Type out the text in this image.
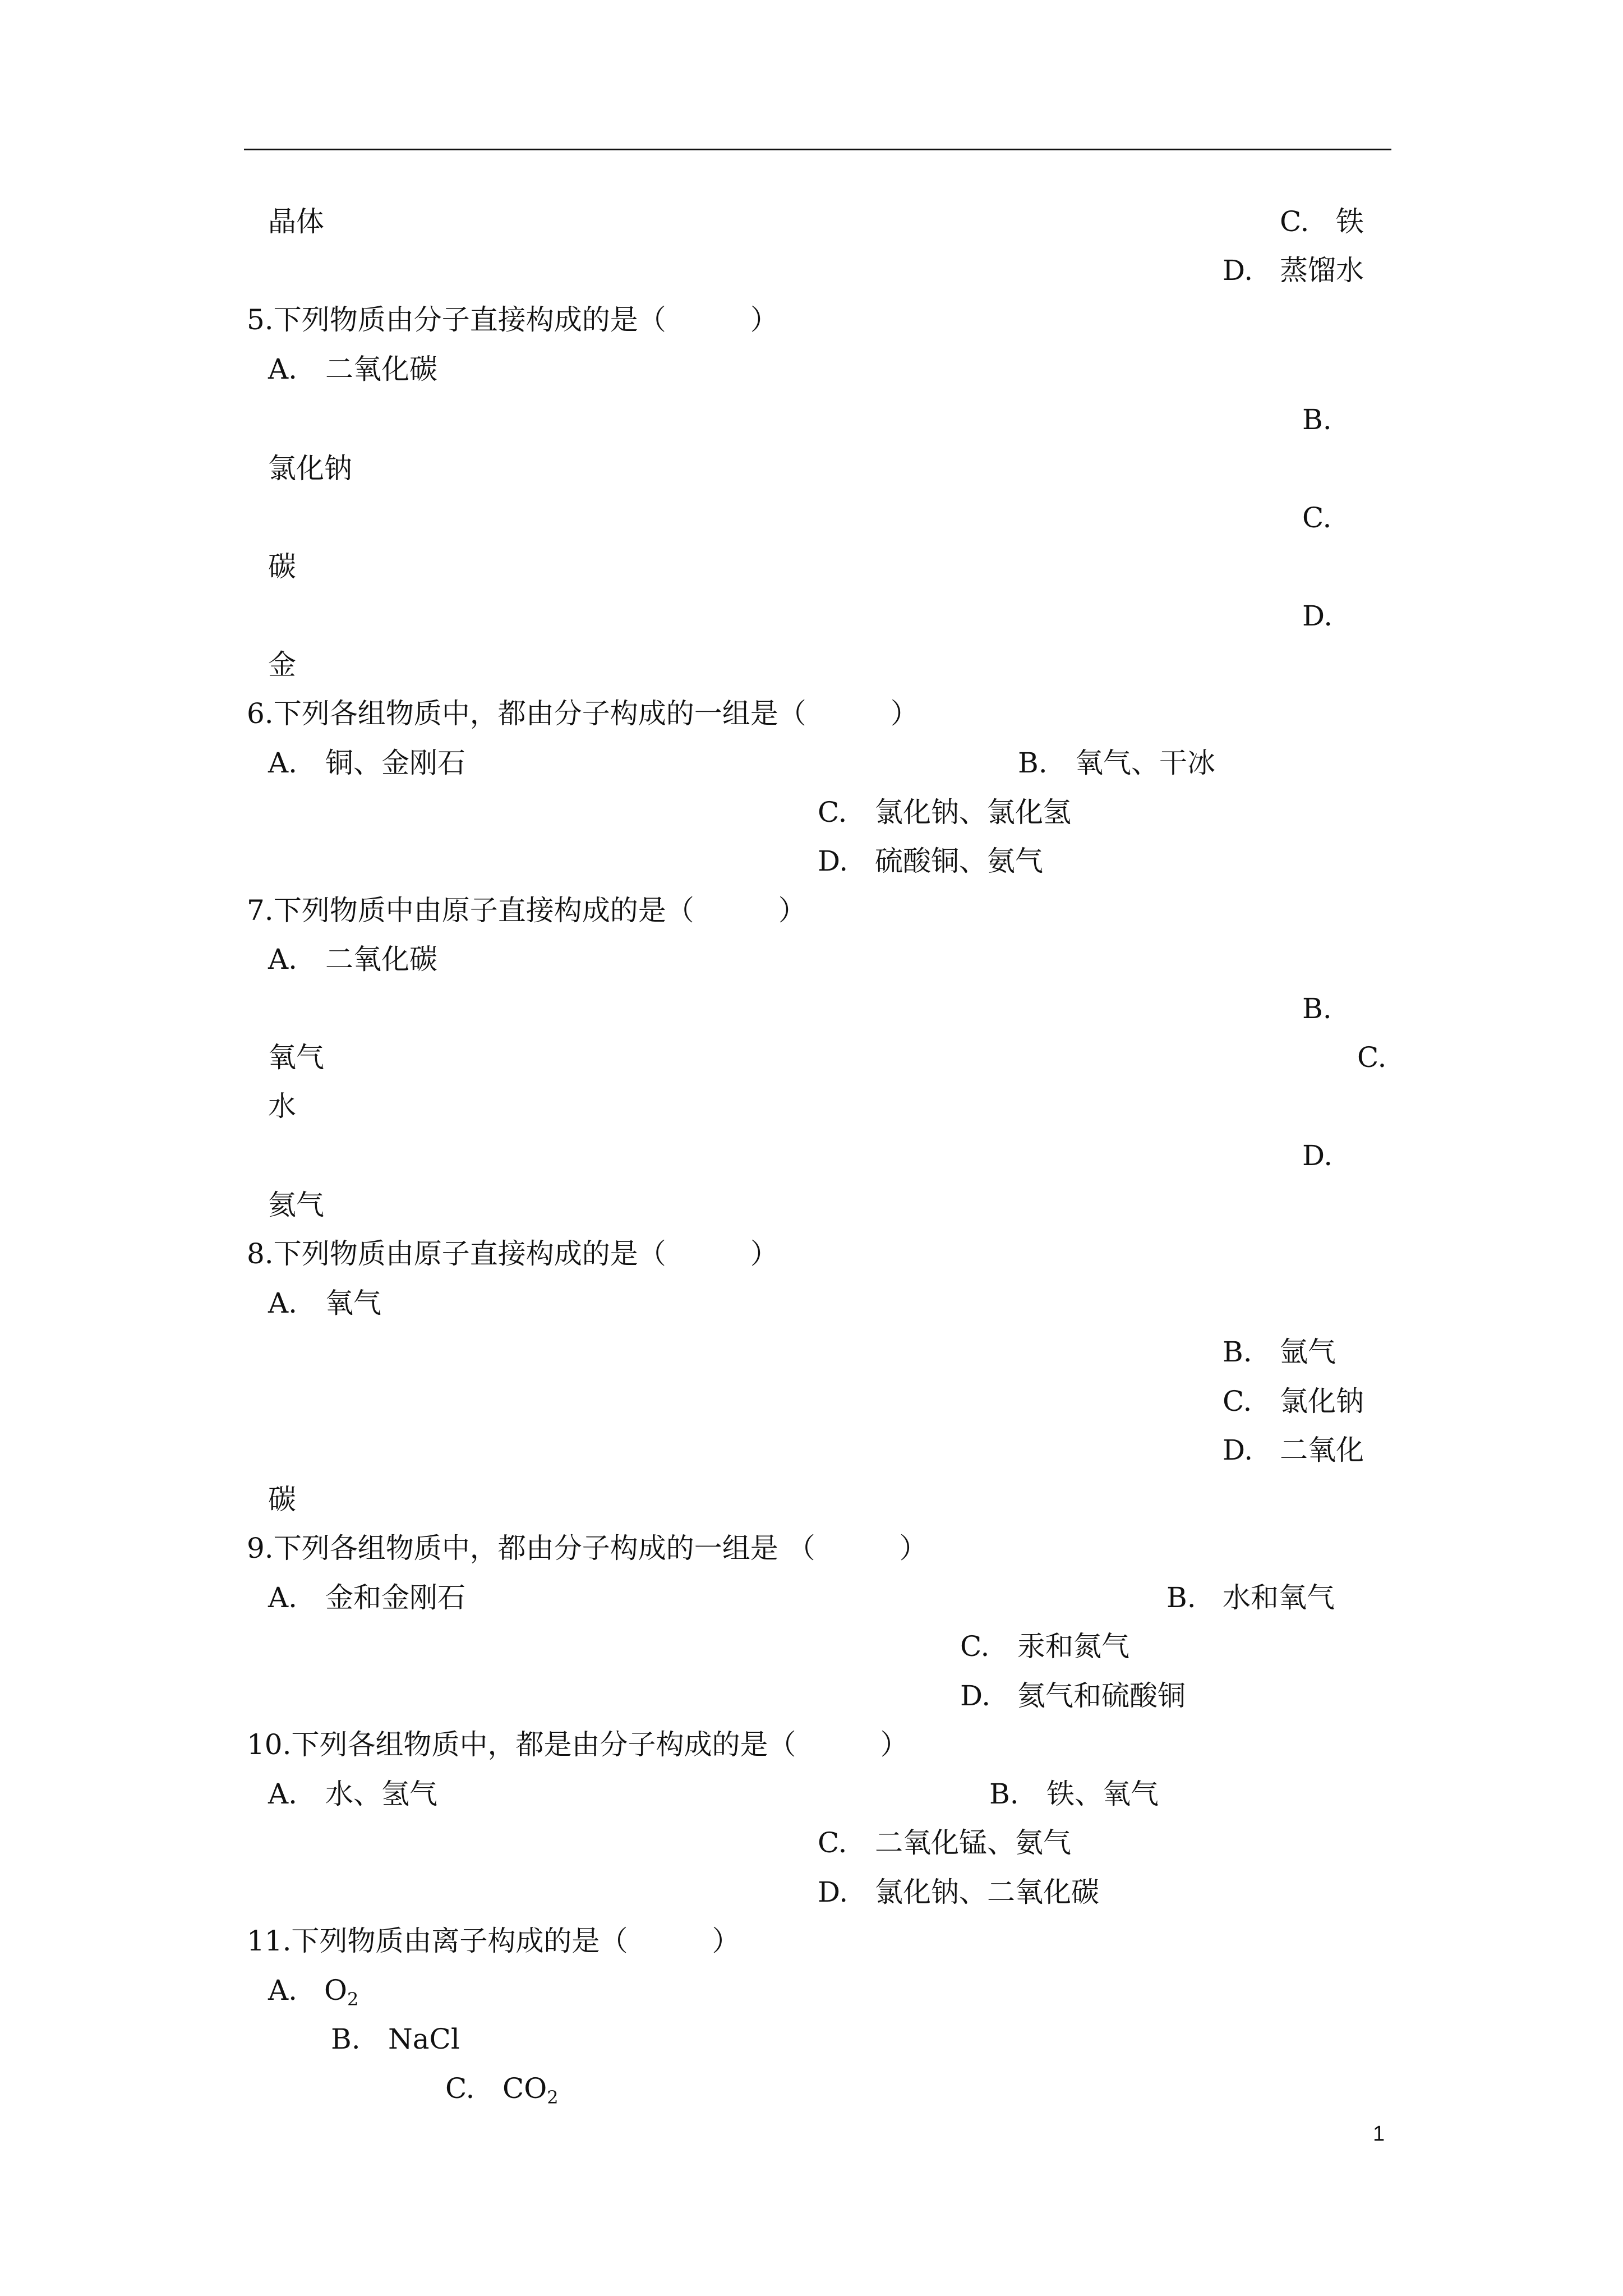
晶体	C. 铁
D. 蒸馏水
5.下列物质由分子直接构成的是（　　　）
A. 二氧化碳
B.
氯化钠
C.
碳
D.
金
6.下列各组物质中，都由分子构成的一组是（　　　）
A. 铜、金刚石	B. 氧气、干冰
C. 氯化钠、氯化氢
D. 硫酸铜、氨气
7.下列物质中由原子直接构成的是（　　　）
A. 二氧化碳
B.
氧气	C.
水
D.
氦气
8.下列物质由原子直接构成的是（　　　）
A. 氧气
B. 氩气
C. 氯化钠
D. 二氧化
碳
9.下列各组物质中，都由分子构成的一组是 （　　　）
A. 金和金刚石	B. 水和氧气
C. 汞和氮气
D. 氦气和硫酸铜
10.下列各组物质中，都是由分子构成的是（　　　）
A. 水、氢气	B. 铁、氧气
C. 二氧化锰、氨气
D. 氯化钠、二氧化碳
11.下列物质由离子构成的是（　　　）
A. $O_2$
B. NaCl
C. $CO_2$
1
